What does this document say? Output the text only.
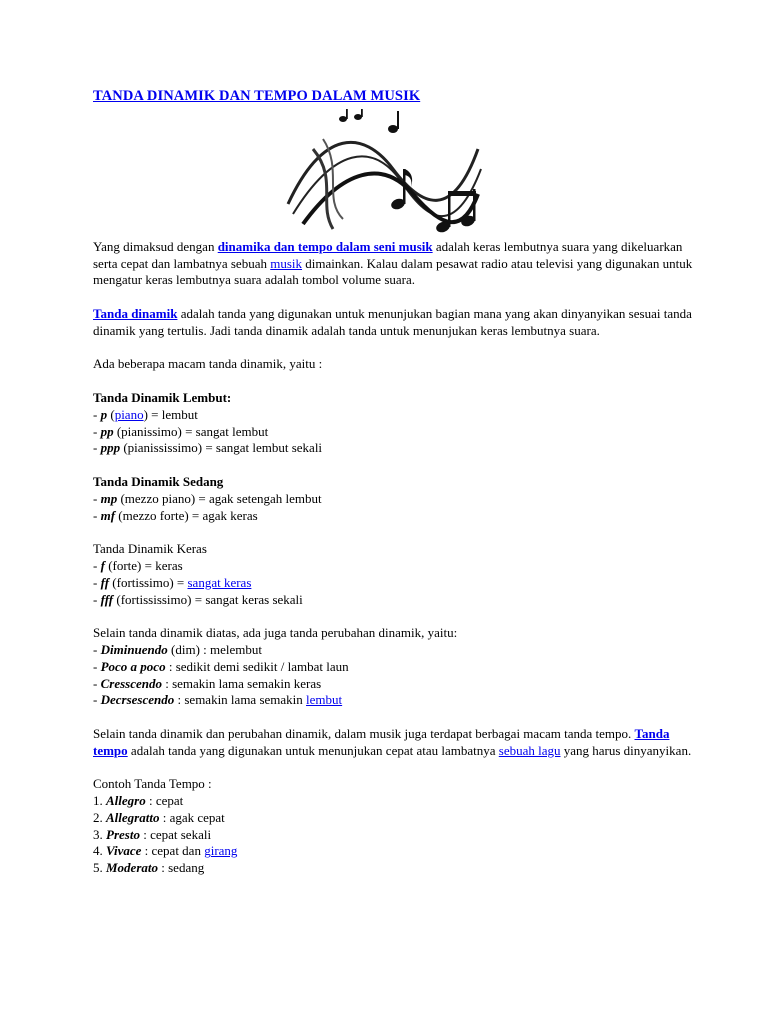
TANDA DINAMIK DAN TEMPO DALAM MUSIK

Yang dimaksud dengan dinamika dan tempo dalam seni musik adalah keras lembutnya suara yang dikeluarkan serta cepat dan lambatnya sebuah musik dimainkan. Kalau dalam pesawat radio atau televisi yang digunakan untuk mengatur keras lembutnya suara adalah tombol volume suara.

Tanda dinamik adalah tanda yang digunakan untuk menunjukan bagian mana yang akan dinyanyikan sesuai tanda dinamik yang tertulis. Jadi tanda dinamik adalah tanda untuk menunjukan keras lembutnya suara.

Ada beberapa macam tanda dinamik, yaitu :

Tanda Dinamik Lembut:

- p (piano) = lembut

- pp (pianissimo) = sangat lembut

- ppp (pianississimo) = sangat lembut sekali

Tanda Dinamik Sedang

- mp (mezzo piano) = agak setengah lembut

- mf (mezzo forte) = agak keras

Tanda Dinamik Keras

- f (forte) = keras

- ff (fortissimo) = sangat keras

- fff (fortississimo) = sangat keras sekali

Selain tanda dinamik diatas, ada juga tanda perubahan dinamik, yaitu:

- Diminuendo (dim) : melembut

- Poco a poco : sedikit demi sedikit / lambat laun

- Cresscendo : semakin lama semakin keras

- Decrsescendo : semakin lama semakin lembut

Selain tanda dinamik dan perubahan dinamik, dalam musik juga terdapat berbagai macam tanda tempo. Tanda tempo adalah tanda yang digunakan untuk menunjukan cepat atau lambatnya sebuah lagu yang harus dinyanyikan.

Contoh Tanda Tempo :

1. Allegro : cepat

2. Allegratto : agak cepat

3. Presto : cepat sekali

4. Vivace : cepat dan girang

5. Moderato : sedang
